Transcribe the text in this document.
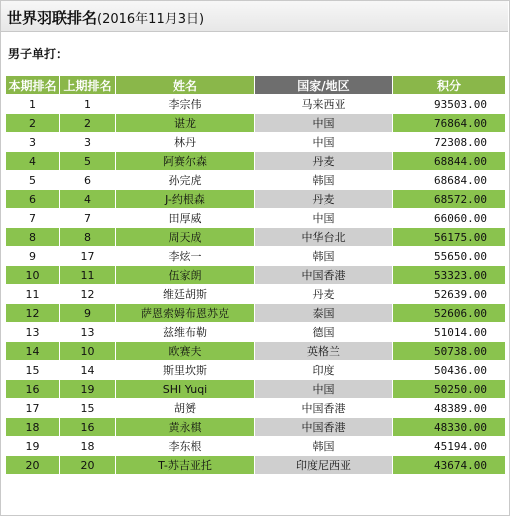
世界羽联排名(2016年11月3日)
男子单打：
本期排名	上期排名	姓名	国家/地区	积分
1	1	李宗伟	马来西亚	93503.00
2	2	谌龙	中国	76864.00
3	3	林丹	中国	72308.00
4	5	阿赛尔森	丹麦	68844.00
5	6	孙完虎	韩国	68684.00
6	4	J-约根森	丹麦	68572.00
7	7	田厚威	中国	66060.00
8	8	周天成	中华台北	56175.00
9	17	李炫一	韩国	55650.00
10	11	伍家朗	中国香港	53323.00
11	12	维廷胡斯	丹麦	52639.00
12	9	萨恩索姆布恩苏克	泰国	52606.00
13	13	兹维布勒	德国	51014.00
14	10	欧赛夫	英格兰	50738.00
15	14	斯里坎斯	印度	50436.00
16	19	SHI Yuqi	中国	50250.00
17	15	胡赟	中国香港	48389.00
18	16	黄永棋	中国香港	48330.00
19	18	李东根	韩国	45194.00
20	20	T-苏吉亚托	印度尼西亚	43674.00
